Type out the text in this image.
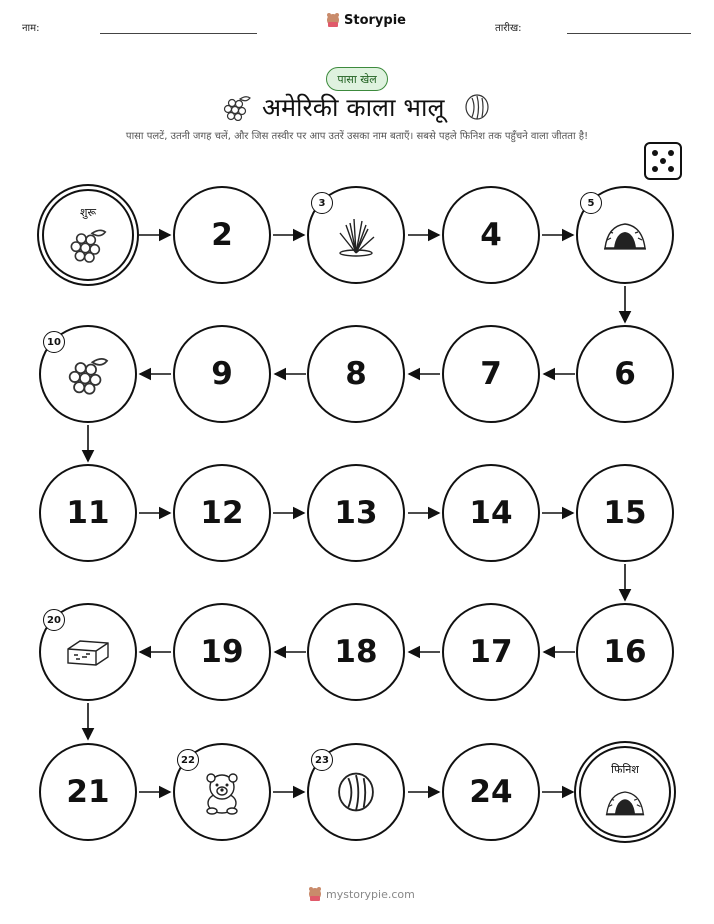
नाम:
Storypie
तारीख:
पासा खेल
अमेरिकी काला भालू
पासा पलटें, उतनी जगह चलें, और जिस तस्वीर पर आप उतरें उसका नाम बताएँ। सबसे पहले फिनिश तक पहुँचने वाला जीतता है!
शुरू
2
3
4
5
6
7
8
9
10
11	12	13	14	15
16
17
18
19
20
21
22	23
24
फिनिश
mystorypie.com
